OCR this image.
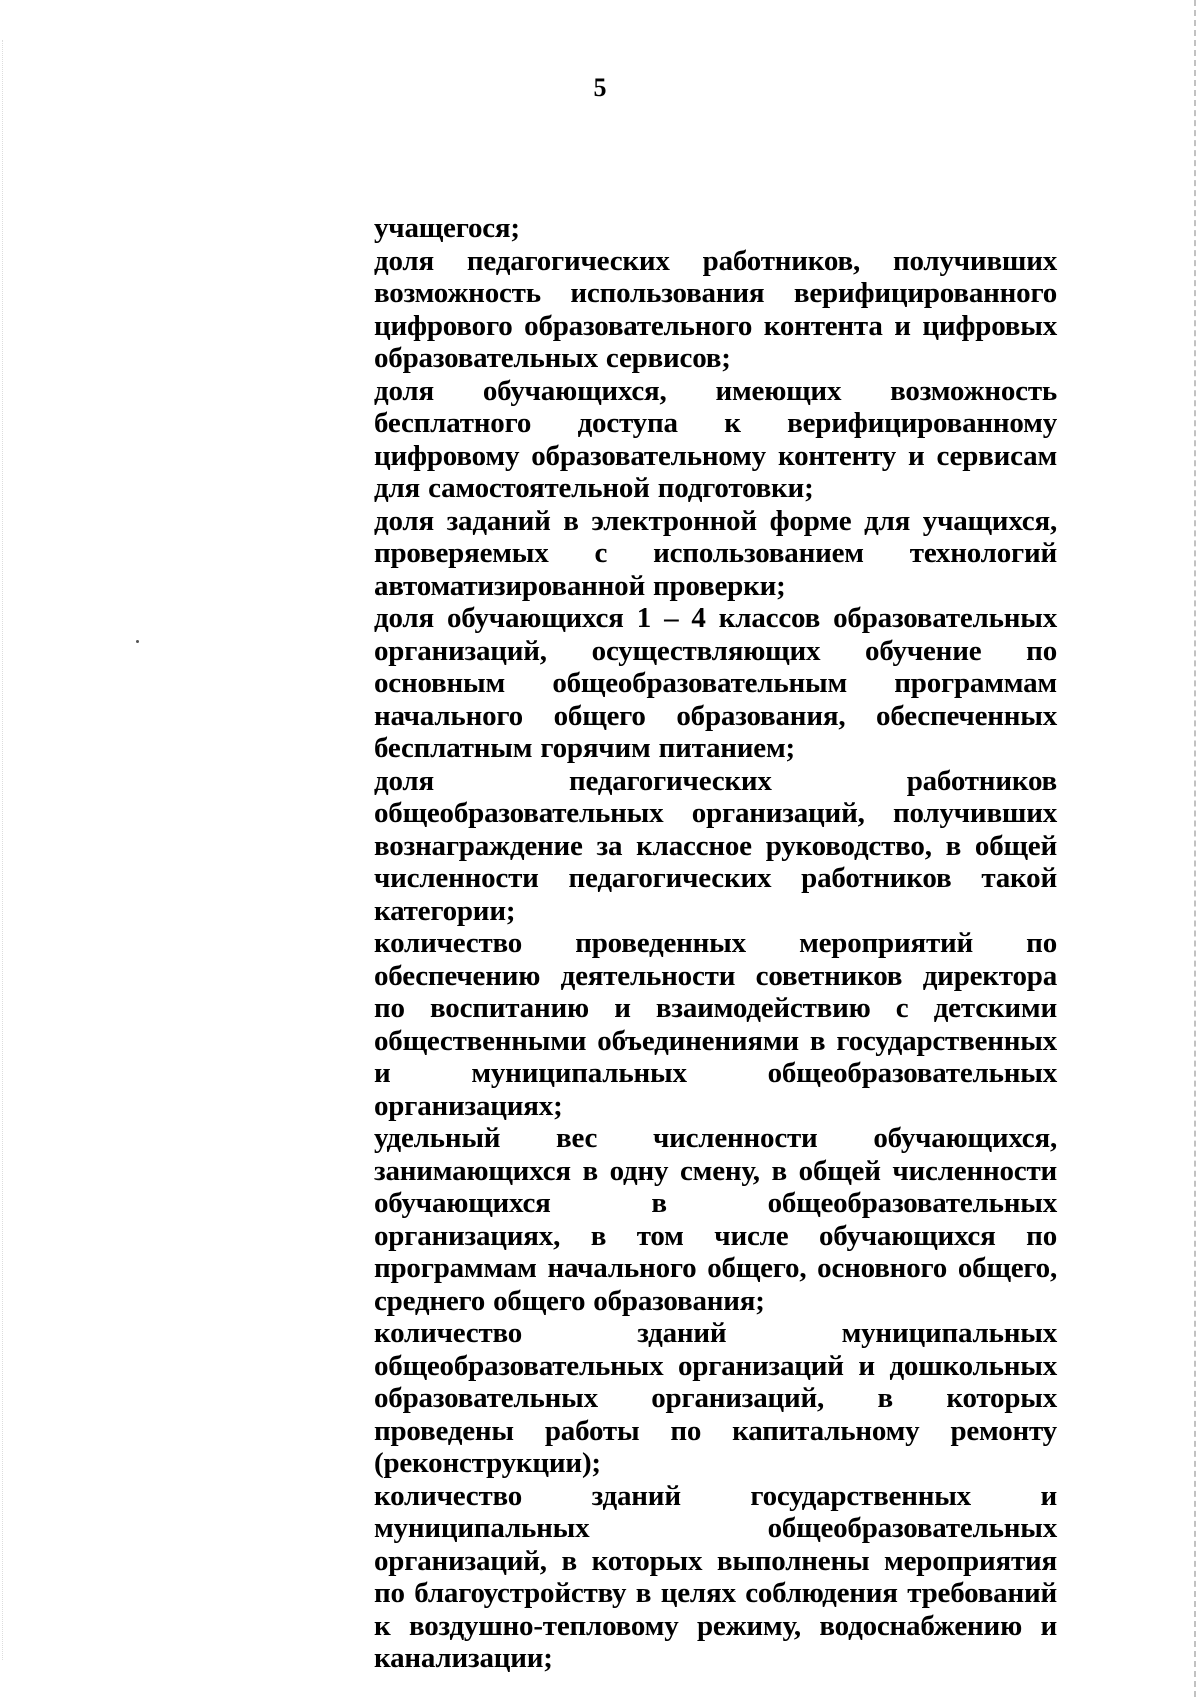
5

учащегося;

доля педагогических работников, получивших возможность использования верифицированного цифрового образовательного контента и цифровых образовательных сервисов;

доля обучающихся, имеющих возможность бесплатного доступа к верифицированному цифровому образовательному контенту и сервисам для самостоятельной подготовки;

доля заданий в электронной форме для учащихся, проверяемых с использованием технологий автоматизированной проверки;

доля обучающихся 1 – 4 классов образовательных организаций, осуществляющих обучение по основным общеобразовательным программам начального общего образования, обеспеченных бесплатным горячим питанием;

доля педагогических работников общеобразовательных организаций, получивших вознаграждение за классное руководство, в общей численности педагогических работников такой категории;

количество проведенных мероприятий по обеспечению деятельности советников директора по воспитанию и взаимодействию с детскими общественными объединениями в государственных и муниципальных общеобразовательных организациях;

удельный вес численности обучающихся, занимающихся в одну смену, в общей численности обучающихся в общеобразовательных организациях, в том числе обучающихся по программам начального общего, основного общего, среднего общего образования;

количество зданий муниципальных общеобразовательных организаций и дошкольных образовательных организаций, в которых проведены работы по капитальному ремонту (реконструкции);

количество зданий государственных и муниципальных общеобразовательных организаций, в которых выполнены мероприятия по благоустройству в целях соблюдения требований к воздушно-тепловому режиму, водоснабжению и канализации;
